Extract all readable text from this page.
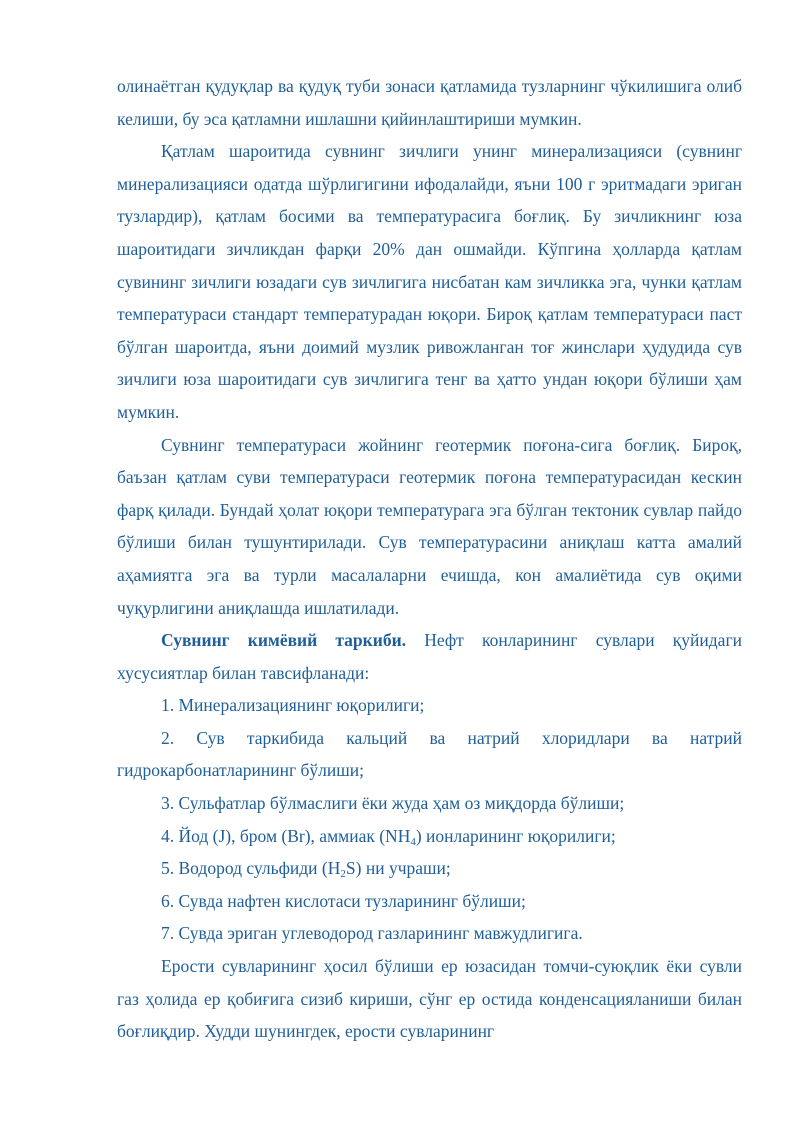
олинаётган қудуқлар ва қудуқ туби зонаси қатламида тузларнинг чўкилишига олиб келиши, бу эса қатламни ишлашни қийинлаштириши мумкин.

Қатлам шароитида сувнинг зичлиги унинг минерализацияси (сувнинг минерализацияси одатда шўрлигигини ифодалайди, яъни 100 г эритмадаги эриган тузлардир), қатлам босими ва температурасига боғлиқ. Бу зичликнинг юза шароитидаги зичликдан фарқи 20% дан ошмайди. Кўпгина ҳолларда қатлам сувининг зичлиги юзадаги сув зичлигига нисбатан кам зичликка эга, чунки қатлам температураси стандарт температурадан юқори. Бироқ қатлам температураси паст бўлган шароитда, яъни доимий музлик ривожланган тоғ жинслари ҳудудида сув зичлиги юза шароитидаги сув зичлигига тенг ва ҳатто ундан юқори бўлиши ҳам мумкин.

Сувнинг температураси жойнинг геотермик поғона-сига боғлиқ. Бироқ, баъзан қатлам суви температураси геотермик поғона температурасидан кескин фарқ қилади. Бундай ҳолат юқори температурага эга бўлган тектоник сувлар пайдо бўлиши билан тушунтирилади. Сув температурасини аниқлаш катта амалий аҳамиятга эга ва турли масалаларни ечишда, кон амалиётида сув оқими чуқурлигини аниқлашда ишлатилади.

Сувнинг кимёвий таркиби. Нефт конларининг сувлари қуйидаги хусусиятлар билан тавсифланади:

1. Минерализациянинг юқорилиги;

2. Сув таркибида кальций ва натрий хлоридлари ва натрий гидрокарбонатларининг бўлиши;

3. Сульфатлар бўлмаслиги ёки жуда ҳам оз миқдорда бўлиши;

4. Йод (J), бром (Br), аммиак $(NH_4)$ ионларининг юқорилиги;

5. Водород сульфиди $(H_2S)$ ни учраши;

6. Сувда нафтен кислотаси тузларининг бўлиши;

7. Сувда эриган углеводород газларининг мавжудлигига.

Ерости сувларининг ҳосил бўлиши ер юзасидан томчи-суюқлик ёки сувли газ ҳолида ер қобиғига сизиб кириши, сўнг ер остида конденсацияланиши билан боғлиқдир. Худди шунингдек, ерости сувларининг
